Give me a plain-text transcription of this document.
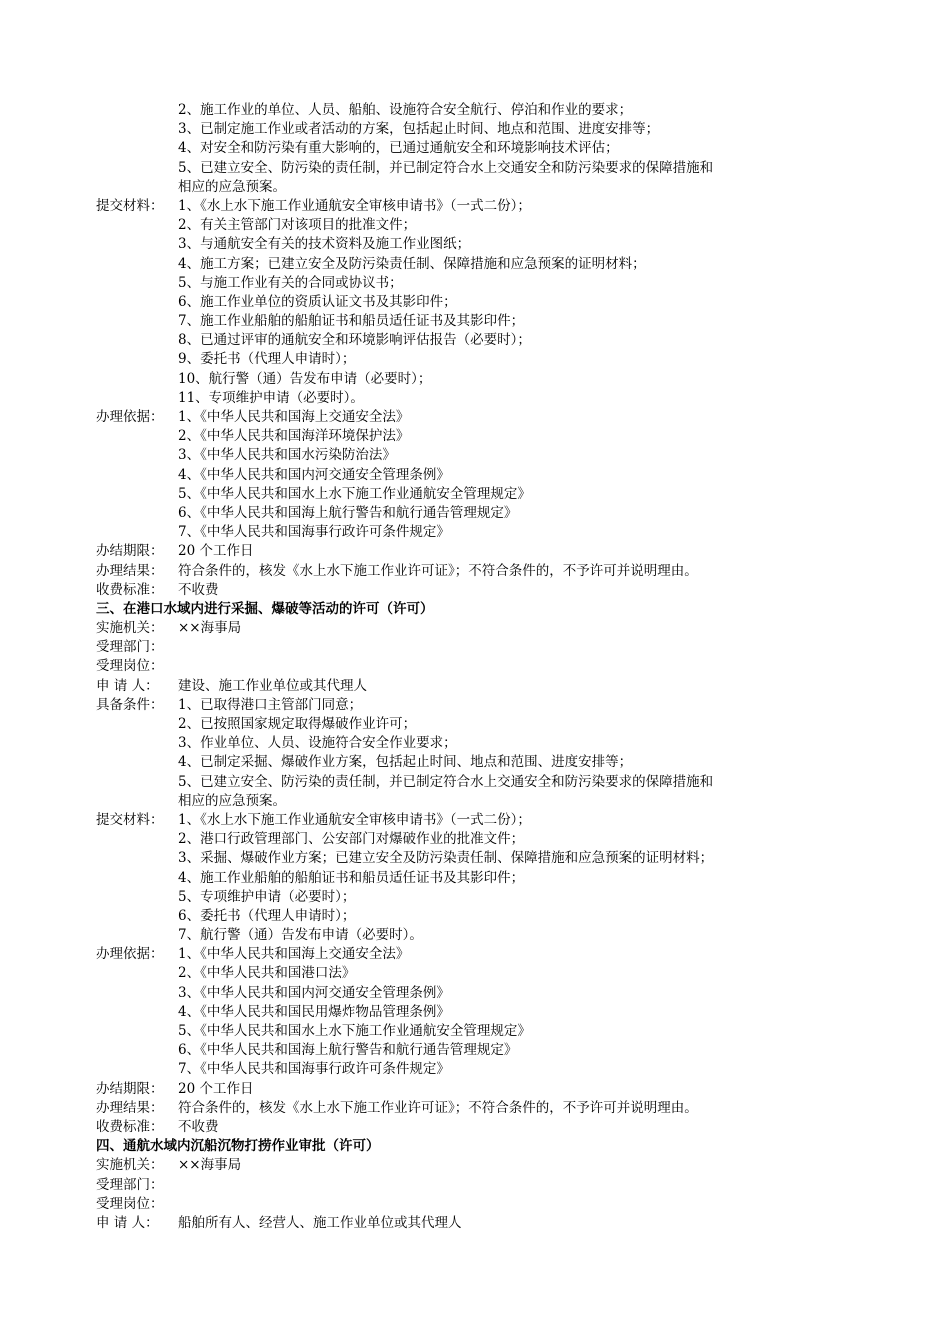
2、施工作业的单位、人员、船舶、设施符合安全航行、停泊和作业的要求；
3、已制定施工作业或者活动的方案，包括起止时间、地点和范围、进度安排等；
4、对安全和防污染有重大影响的，已通过通航安全和环境影响技术评估；
5、已建立安全、防污染的责任制，并已制定符合水上交通安全和防污染要求的保障措施和
相应的应急预案。
提交材料：	1、《水上水下施工作业通航安全审核申请书》（一式二份）；
2、有关主管部门对该项目的批准文件；
3、与通航安全有关的技术资料及施工作业图纸；
4、施工方案；已建立安全及防污染责任制、保障措施和应急预案的证明材料；
5、与施工作业有关的合同或协议书；
6、施工作业单位的资质认证文书及其影印件；
7、施工作业船舶的船舶证书和船员适任证书及其影印件；
8、已通过评审的通航安全和环境影响评估报告（必要时）；
9、委托书（代理人申请时）；
10、航行警（通）告发布申请（必要时）；
11、专项维护申请（必要时）。
办理依据：	1、《中华人民共和国海上交通安全法》
2、《中华人民共和国海洋环境保护法》
3、《中华人民共和国水污染防治法》
4、《中华人民共和国内河交通安全管理条例》
5、《中华人民共和国水上水下施工作业通航安全管理规定》
6、《中华人民共和国海上航行警告和航行通告管理规定》
7、《中华人民共和国海事行政许可条件规定》
办结期限：	20 个工作日
办理结果：	符合条件的，核发《水上水下施工作业许可证》；不符合条件的，不予许可并说明理由。
收费标准：	不收费
三、在港口水域内进行采掘、爆破等活动的许可（许可）
实施机关：	××海事局
受理部门：
受理岗位：
申 请 人：	建设、施工作业单位或其代理人
具备条件：	1、已取得港口主管部门同意；
2、已按照国家规定取得爆破作业许可；
3、作业单位、人员、设施符合安全作业要求；
4、已制定采掘、爆破作业方案，包括起止时间、地点和范围、进度安排等；
5、已建立安全、防污染的责任制，并已制定符合水上交通安全和防污染要求的保障措施和
相应的应急预案。
提交材料：	1、《水上水下施工作业通航安全审核申请书》（一式二份）；
2、港口行政管理部门、公安部门对爆破作业的批准文件；
3、采掘、爆破作业方案；已建立安全及防污染责任制、保障措施和应急预案的证明材料；
4、施工作业船舶的船舶证书和船员适任证书及其影印件；
5、专项维护申请（必要时）；
6、委托书（代理人申请时）；
7、航行警（通）告发布申请（必要时）。
办理依据：	1、《中华人民共和国海上交通安全法》
2、《中华人民共和国港口法》
3、《中华人民共和国内河交通安全管理条例》
4、《中华人民共和国民用爆炸物品管理条例》
5、《中华人民共和国水上水下施工作业通航安全管理规定》
6、《中华人民共和国海上航行警告和航行通告管理规定》
7、《中华人民共和国海事行政许可条件规定》
办结期限：	20 个工作日
办理结果：	符合条件的，核发《水上水下施工作业许可证》；不符合条件的，不予许可并说明理由。
收费标准：	不收费
四、通航水域内沉船沉物打捞作业审批（许可）
实施机关：	××海事局
受理部门：
受理岗位：
申 请 人：	船舶所有人、经营人、施工作业单位或其代理人
